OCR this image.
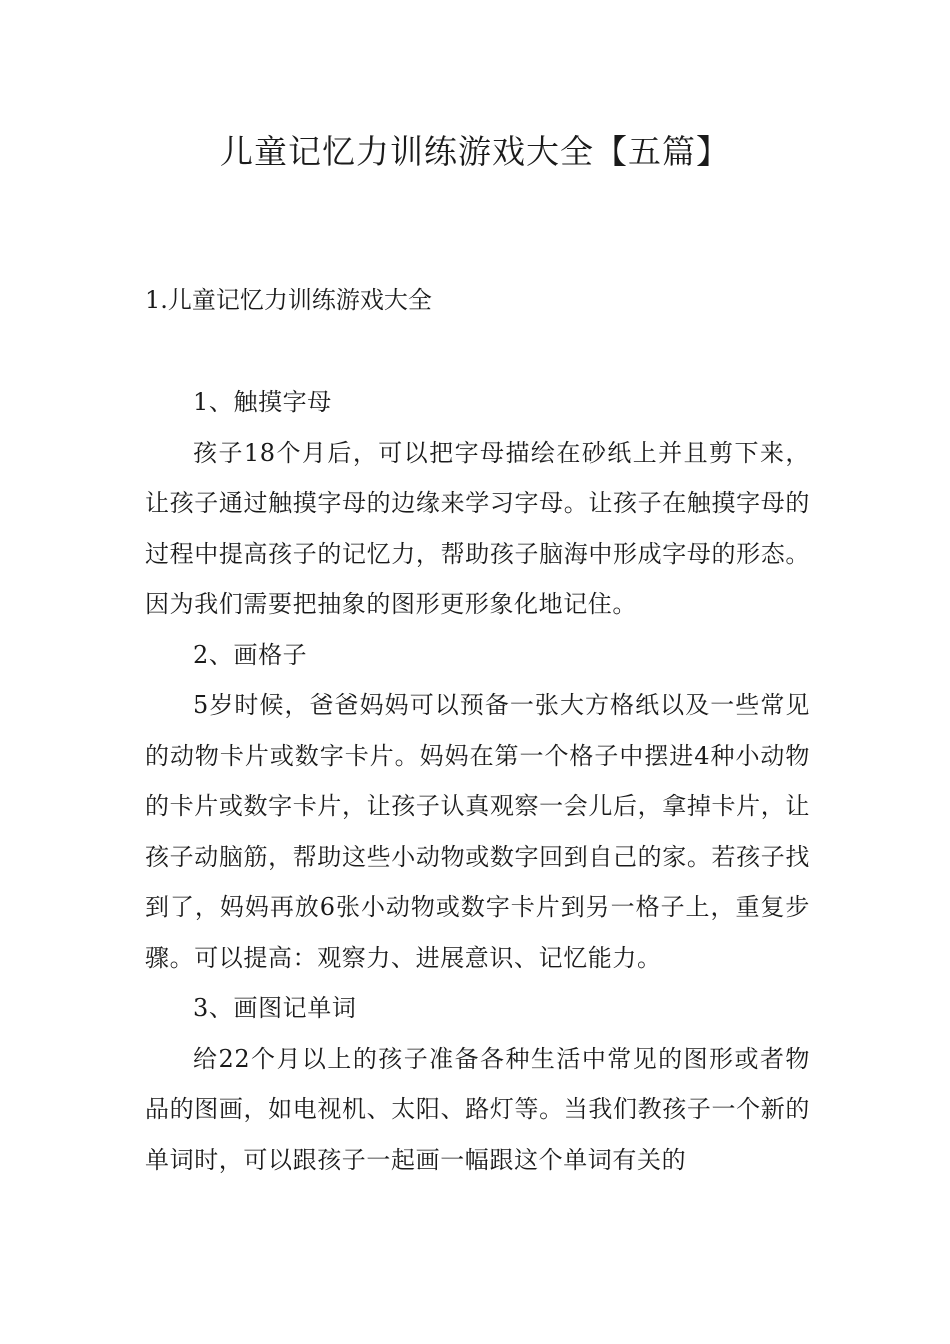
儿童记忆力训练游戏大全【五篇】
1.儿童记忆力训练游戏大全

1、触摸字母

孩子18个月后，可以把字母描绘在砂纸上并且剪下来，让孩子通过触摸字母的边缘来学习字母。让孩子在触摸字母的过程中提高孩子的记忆力，帮助孩子脑海中形成字母的形态。因为我们需要把抽象的图形更形象化地记住。

2、画格子

5岁时候，爸爸妈妈可以预备一张大方格纸以及一些常见的动物卡片或数字卡片。妈妈在第一个格子中摆进4种小动物的卡片或数字卡片，让孩子认真观察一会儿后，拿掉卡片，让孩子动脑筋，帮助这些小动物或数字回到自己的家。若孩子找到了，妈妈再放6张小动物或数字卡片到另一格子上，重复步骤。可以提高：观察力、进展意识、记忆能力。

3、画图记单词

给22个月以上的孩子准备各种生活中常见的图形或者物品的图画，如电视机、太阳、路灯等。当我们教孩子一个新的单词时，可以跟孩子一起画一幅跟这个单词有关的
